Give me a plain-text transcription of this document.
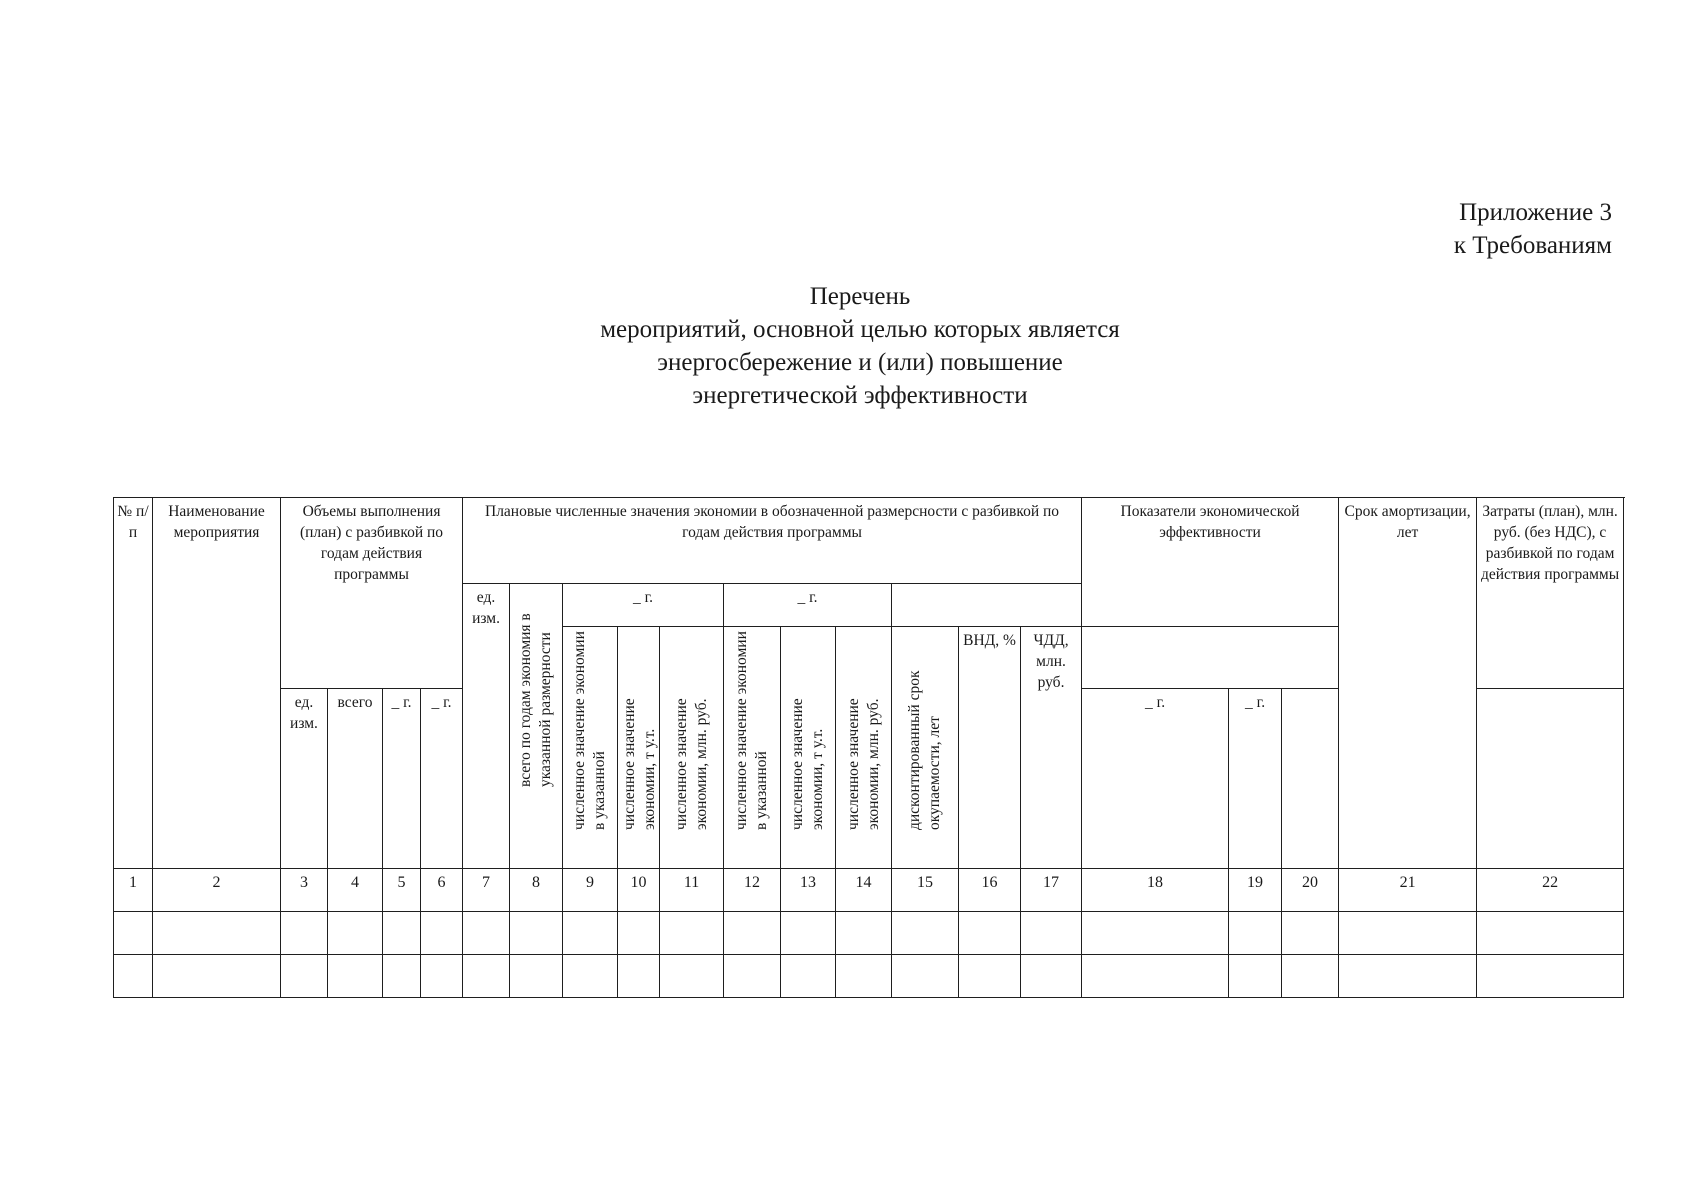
Приложение 3
к Требованиям
Перечень
мероприятий, основной целью которых является
энергосбережение и (или) повышение
энергетической эффективности
№ п/п	Наименование мероприятия	Объемы выполнения (план) с разбивкой по годам действия программы				Плановые численные значения экономии в обозначенной размерсности с разбивкой по годам действия программы											Показатели экономической эффективности			Срок амортизации, лет	Затраты (план), млн. руб. (без НДС), с разбивкой по годам действия программы		
						ед. изм.	всего по годам экономия в указанной размерности	_ г.			_ г.											
								численное значение экономии в указанной	численное значение экономии, т у.т.	численное значение экономии, млн. руб.	численное значение экономии в указанной	численное значение экономии, т у.т.	численное значение экономии, млн. руб.	дисконтированный срок окупаемости, лет	ВНД, %	ЧДД, млн. руб.						
		ед. изм.	всего	_ г.	_ г.												_ г.	_ г.				
1	2	3	4	5	6	7	8	9	10	11	12	13	14	15	16	17	18	19	20	21	22	
